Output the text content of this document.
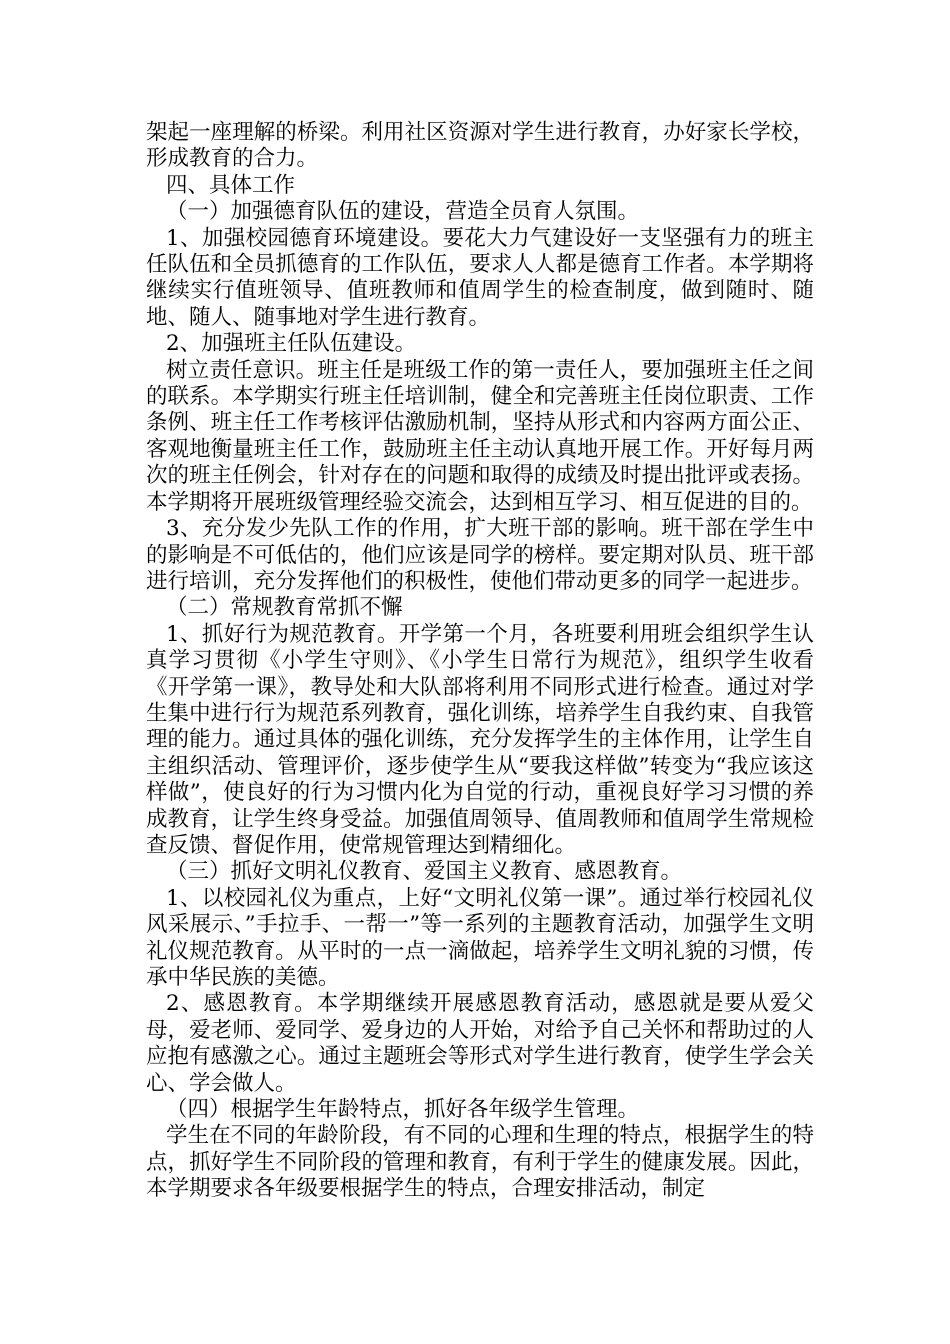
架起一座理解的桥梁。利用社区资源对学生进行教育，办好家长学校，形成教育的合力。

四、具体工作

（一）加强德育队伍的建设，营造全员育人氛围。

1、加强校园德育环境建设。要花大力气建设好一支坚强有力的班主任队伍和全员抓德育的工作队伍，要求人人都是德育工作者。本学期将继续实行值班领导、值班教师和值周学生的检查制度，做到随时、随地、随人、随事地对学生进行教育。

2、加强班主任队伍建设。

树立责任意识。班主任是班级工作的第一责任人，要加强班主任之间的联系。本学期实行班主任培训制，健全和完善班主任岗位职责、工作条例、班主任工作考核评估激励机制，坚持从形式和内容两方面公正、客观地衡量班主任工作，鼓励班主任主动认真地开展工作。开好每月两次的班主任例会，针对存在的问题和取得的成绩及时提出批评或表扬。本学期将开展班级管理经验交流会，达到相互学习、相互促进的目的。

3、充分发少先队工作的作用，扩大班干部的影响。班干部在学生中的影响是不可低估的，他们应该是同学的榜样。要定期对队员、班干部进行培训，充分发挥他们的积极性，使他们带动更多的同学一起进步。

（二）常规教育常抓不懈

1、抓好行为规范教育。开学第一个月，各班要利用班会组织学生认真学习贯彻《小学生守则》、《小学生日常行为规范》，组织学生收看《开学第一课》，教导处和大队部将利用不同形式进行检查。通过对学生集中进行行为规范系列教育，强化训练，培养学生自我约束、自我管理的能力。通过具体的强化训练，充分发挥学生的主体作用，让学生自主组织活动、管理评价，逐步使学生从“要我这样做”转变为“我应该这样做”，使良好的行为习惯内化为自觉的行动，重视良好学习习惯的养成教育，让学生终身受益。加强值周领导、值周教师和值周学生常规检查反馈、督促作用，使常规管理达到精细化。

（三）抓好文明礼仪教育、爱国主义教育、感恩教育。

1、以校园礼仪为重点，上好“文明礼仪第一课”。通过举行校园礼仪风采展示、”手拉手、一帮一”等一系列的主题教育活动，加强学生文明礼仪规范教育。从平时的一点一滴做起，培养学生文明礼貌的习惯，传承中华民族的美德。

2、感恩教育。本学期继续开展感恩教育活动，感恩就是要从爱父母，爱老师、爱同学、爱身边的人开始，对给予自己关怀和帮助过的人应抱有感激之心。通过主题班会等形式对学生进行教育，使学生学会关心、学会做人。

（四）根据学生年龄特点，抓好各年级学生管理。

学生在不同的年龄阶段，有不同的心理和生理的特点，根据学生的特点，抓好学生不同阶段的管理和教育，有利于学生的健康发展。因此，本学期要求各年级要根据学生的特点，合理安排活动，制定
